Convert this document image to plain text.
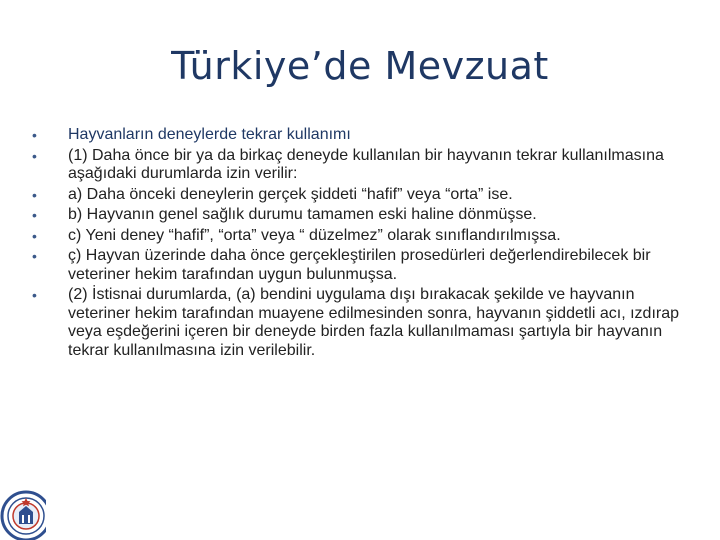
Türkiye’de Mevzuat
• Hayvanların deneylerde tekrar kullanımı
• (1) Daha önce bir ya da birkaç deneyde kullanılan bir hayvanın tekrar kullanılmasına aşağıdaki durumlarda izin verilir:
• a) Daha önceki deneylerin gerçek şiddeti “hafif” veya “orta” ise.
• b) Hayvanın genel sağlık durumu tamamen eski haline dönmüşse.
• c) Yeni deney “hafif”, “orta” veya “ düzelmez” olarak sınıflandırılmışsa.
• ç) Hayvan üzerinde daha önce gerçekleştirilen prosedürleri değerlendirebilecek bir veteriner hekim tarafından uygun bulunmuşsa.
• (2) İstisnai durumlarda, (a) bendini uygulama dışı bırakacak şekilde ve hayvanın veteriner hekim tarafından muayene edilmesinden sonra, hayvanın şiddetli acı, ızdırap veya eşdeğerini içeren bir deneyde birden fazla kullanılmaması şartıyla bir hayvanın tekrar kullanılmasına izin verilebilir.
